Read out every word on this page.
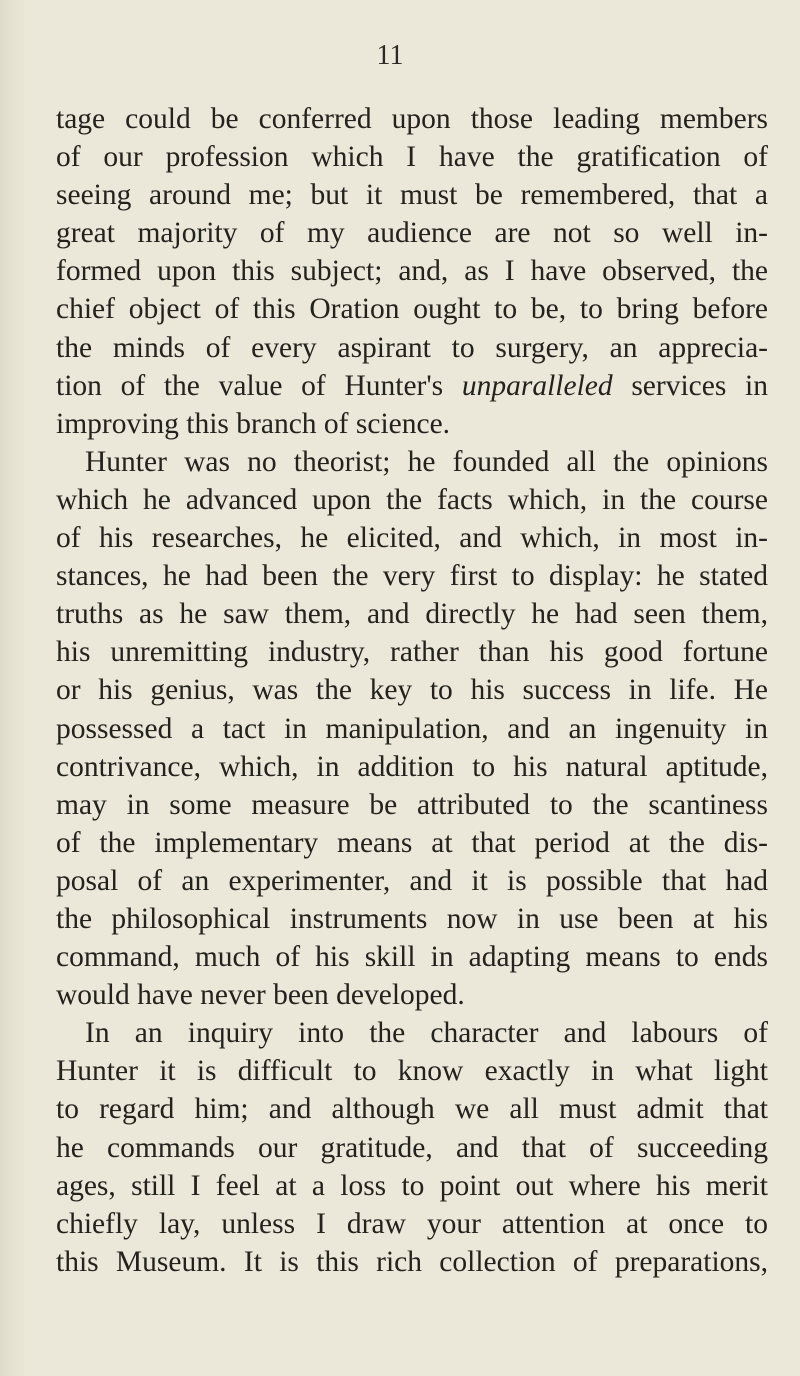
11
tage could be conferred upon those leading members
of our profession which I have the gratification of
seeing around me; but it must be remembered, that a
great majority of my audience are not so well in-
formed upon this subject; and, as I have observed, the
chief object of this Oration ought to be, to bring before
the minds of every aspirant to surgery, an apprecia-
tion of the value of Hunter's unparalleled services in
improving this branch of science.
Hunter was no theorist; he founded all the opinions
which he advanced upon the facts which, in the course
of his researches, he elicited, and which, in most in-
stances, he had been the very first to display: he stated
truths as he saw them, and directly he had seen them,
his unremitting industry, rather than his good fortune
or his genius, was the key to his success in life. He
possessed a tact in manipulation, and an ingenuity in
contrivance, which, in addition to his natural aptitude,
may in some measure be attributed to the scantiness
of the implementary means at that period at the dis-
posal of an experimenter, and it is possible that had
the philosophical instruments now in use been at his
command, much of his skill in adapting means to ends
would have never been developed.
In an inquiry into the character and labours of
Hunter it is difficult to know exactly in what light
to regard him; and although we all must admit that
he commands our gratitude, and that of succeeding
ages, still I feel at a loss to point out where his merit
chiefly lay, unless I draw your attention at once to
this Museum. It is this rich collection of preparations,
